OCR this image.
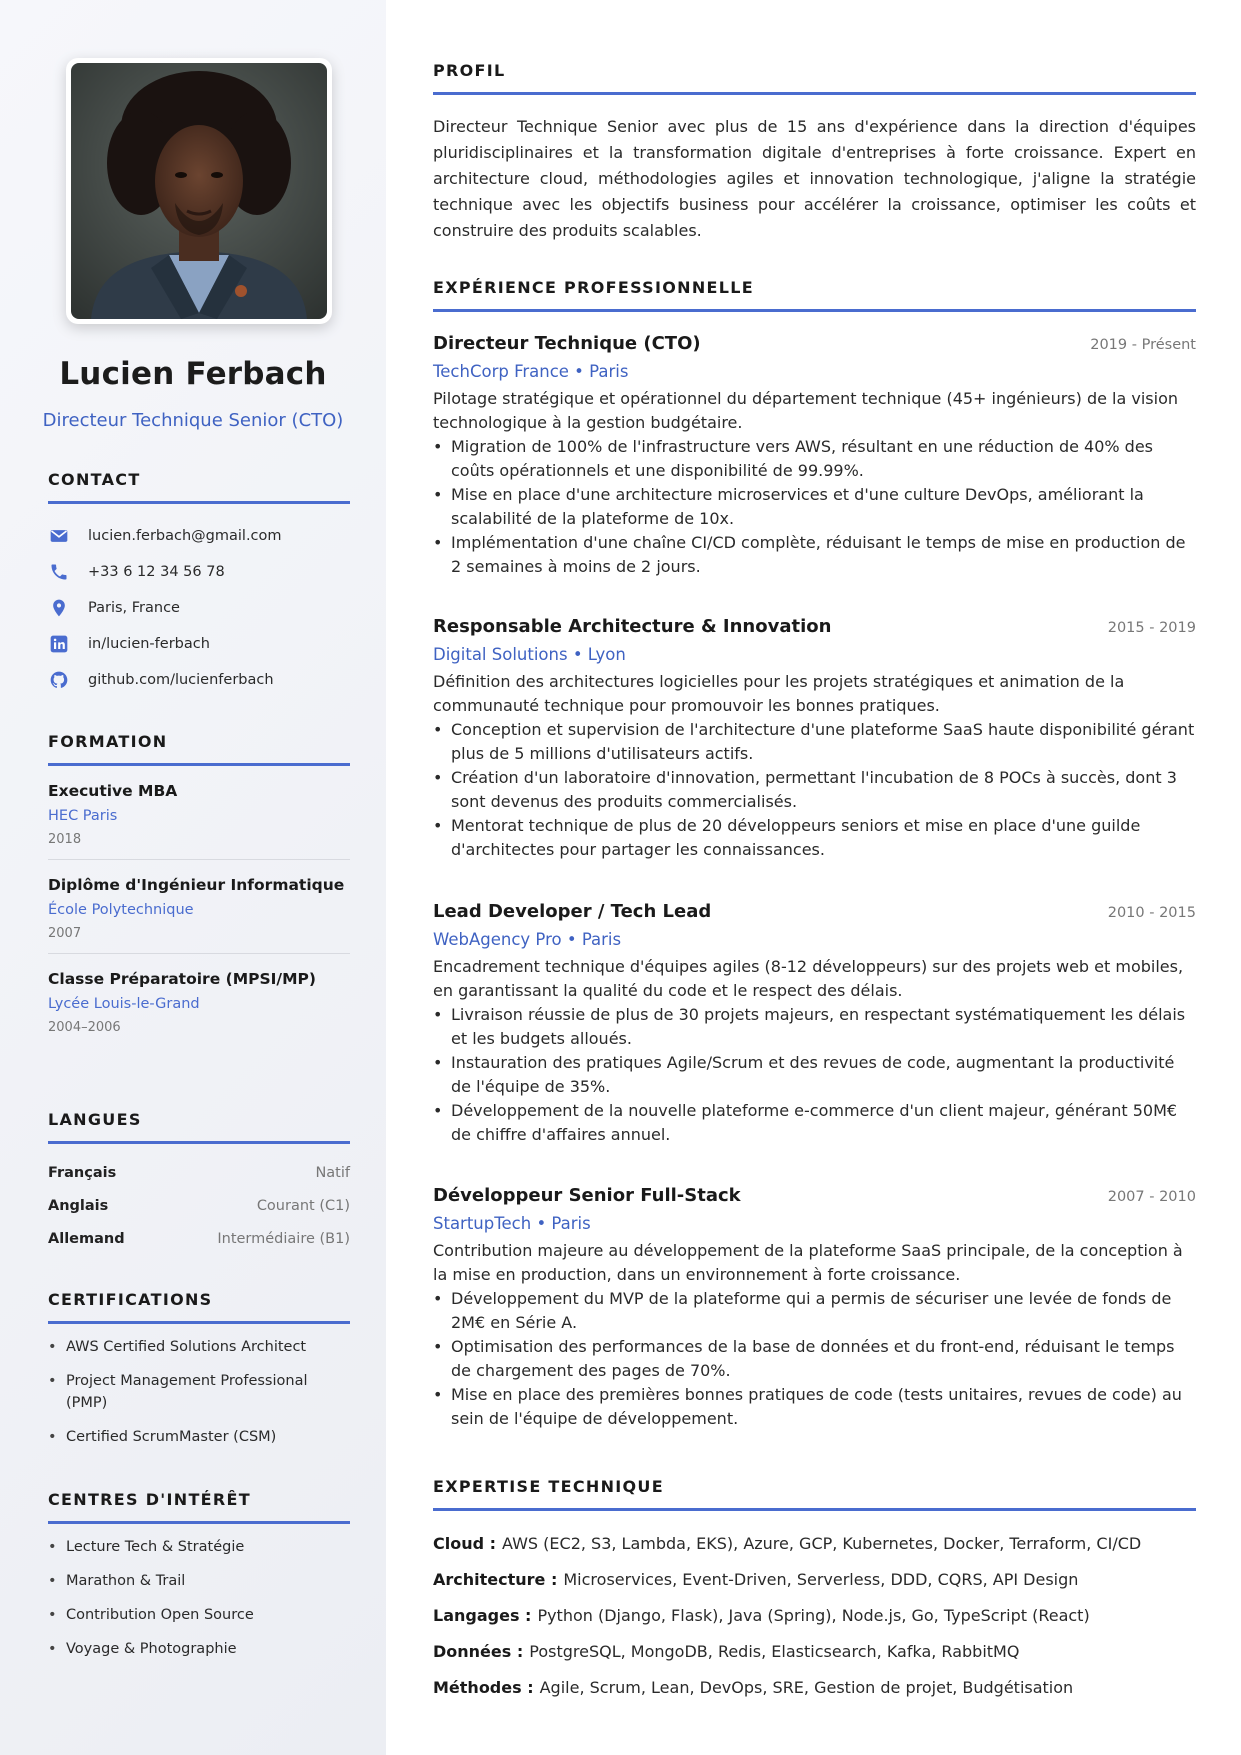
Lucien Ferbach
Directeur Technique Senior (CTO)
CONTACT
lucien.ferbach@gmail.com
+33 6 12 34 56 78
Paris, France
in/lucien-ferbach
github.com/lucienferbach
FORMATION
Executive MBA
HEC Paris
2018
Diplôme d'Ingénieur Informatique
École Polytechnique
2007
Classe Préparatoire (MPSI/MP)
Lycée Louis-le-Grand
2004–2006
LANGUES
Français	Natif
Anglais	Courant (C1)
Allemand	Intermédiaire (B1)
CERTIFICATIONS
• AWS Certified Solutions Architect
• Project Management Professional (PMP)
• Certified ScrumMaster (CSM)
CENTRES D'INTÉRÊT
• Lecture Tech & Stratégie
• Marathon & Trail
• Contribution Open Source
• Voyage & Photographie
PROFIL

Directeur Technique Senior avec plus de 15 ans d'expérience dans la direction d'équipes pluridisciplinaires et la transformation digitale d'entreprises à forte croissance. Expert en architecture cloud, méthodologies agiles et innovation technologique, j'aligne la stratégie technique avec les objectifs business pour accélérer la croissance, optimiser les coûts et construire des produits scalables.

EXPÉRIENCE PROFESSIONNELLE
Directeur Technique (CTO)	2019 - Présent
TechCorp France • Paris
Pilotage stratégique et opérationnel du département technique (45+ ingénieurs) de la vision technologique à la gestion budgétaire.
• Migration de 100% de l'infrastructure vers AWS, résultant en une réduction de 40% des coûts opérationnels et une disponibilité de 99.99%.
• Mise en place d'une architecture microservices et d'une culture DevOps, améliorant la scalabilité de la plateforme de 10x.
• Implémentation d'une chaîne CI/CD complète, réduisant le temps de mise en production de 2 semaines à moins de 2 jours.
Responsable Architecture & Innovation	2015 - 2019
Digital Solutions • Lyon
Définition des architectures logicielles pour les projets stratégiques et animation de la communauté technique pour promouvoir les bonnes pratiques.
• Conception et supervision de l'architecture d'une plateforme SaaS haute disponibilité gérant plus de 5 millions d'utilisateurs actifs.
• Création d'un laboratoire d'innovation, permettant l'incubation de 8 POCs à succès, dont 3 sont devenus des produits commercialisés.
• Mentorat technique de plus de 20 développeurs seniors et mise en place d'une guilde d'architectes pour partager les connaissances.
Lead Developer / Tech Lead	2010 - 2015
WebAgency Pro • Paris
Encadrement technique d'équipes agiles (8-12 développeurs) sur des projets web et mobiles, en garantissant la qualité du code et le respect des délais.
• Livraison réussie de plus de 30 projets majeurs, en respectant systématiquement les délais et les budgets alloués.
• Instauration des pratiques Agile/Scrum et des revues de code, augmentant la productivité de l'équipe de 35%.
• Développement de la nouvelle plateforme e-commerce d'un client majeur, générant 50M€ de chiffre d'affaires annuel.
Développeur Senior Full-Stack	2007 - 2010
StartupTech • Paris
Contribution majeure au développement de la plateforme SaaS principale, de la conception à la mise en production, dans un environnement à forte croissance.
• Développement du MVP de la plateforme qui a permis de sécuriser une levée de fonds de 2M€ en Série A.
• Optimisation des performances de la base de données et du front-end, réduisant le temps de chargement des pages de 70%.
• Mise en place des premières bonnes pratiques de code (tests unitaires, revues de code) au sein de l'équipe de développement.
EXPERTISE TECHNIQUE
Cloud : AWS (EC2, S3, Lambda, EKS), Azure, GCP, Kubernetes, Docker, Terraform, CI/CD
Architecture : Microservices, Event-Driven, Serverless, DDD, CQRS, API Design
Langages : Python (Django, Flask), Java (Spring), Node.js, Go, TypeScript (React)
Données : PostgreSQL, MongoDB, Redis, Elasticsearch, Kafka, RabbitMQ
Méthodes : Agile, Scrum, Lean, DevOps, SRE, Gestion de projet, Budgétisation
